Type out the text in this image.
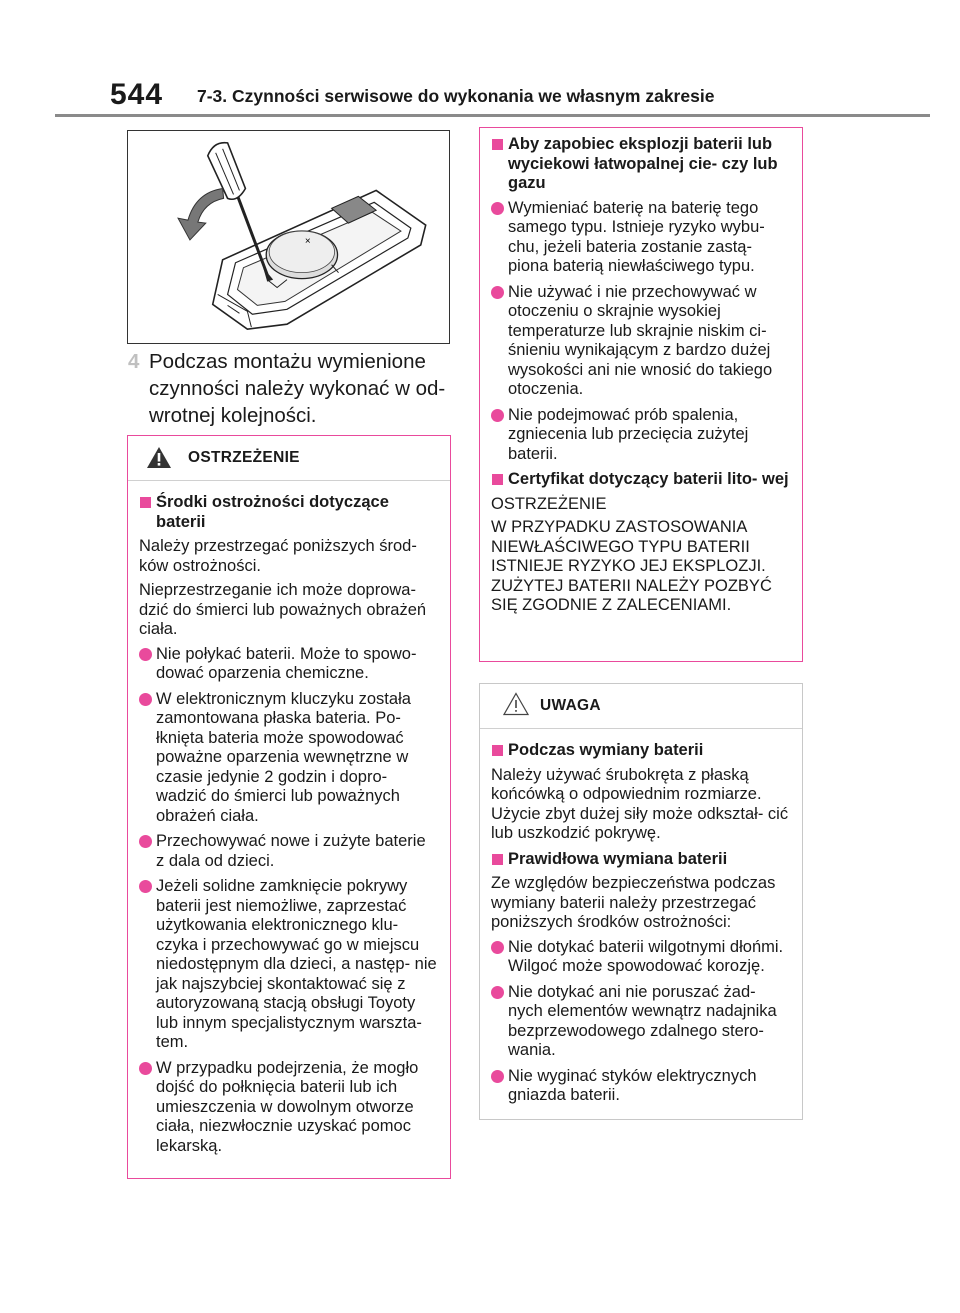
544 7-3. Czynności serwisowe do wykonania we własnym zakresie
×
4 Podczas montażu wymienione czynności należy wykonać w od- wrotnej kolejności.
OSTRZEŻENIE
Środki ostrożności dotyczące baterii

Należy przestrzegać poniższych środ- ków ostrożności.

Nieprzestrzeganie ich może doprowa- dzić do śmierci lub poważnych obrażeń ciała.

Nie połykać baterii. Może to spowo- dować oparzenia chemiczne.
W elektronicznym kluczyku została zamontowana płaska bateria. Po- łknięta bateria może spowodować poważne oparzenia wewnętrzne w czasie jedynie 2 godzin i dopro- wadzić do śmierci lub poważnych obrażeń ciała.
Przechowywać nowe i zużyte baterie z dala od dzieci.
Jeżeli solidne zamknięcie pokrywy baterii jest niemożliwe, zaprzestać użytkowania elektronicznego klu- czyka i przechowywać go w miejscu niedostępnym dla dzieci, a następ- nie jak najszybciej skontaktować się z autoryzowaną stacją obsługi Toyoty lub innym specjalistycznym warszta- tem.
W przypadku podejrzenia, że mogło dojść do połknięcia baterii lub ich umieszczenia w dowolnym otworze ciała, niezwłocznie uzyskać pomoc lekarską.
Aby zapobiec eksplozji baterii lub wyciekowi łatwopalnej cie- czy lub gazu
Wymieniać baterię na baterię tego samego typu. Istnieje ryzyko wybu- chu, jeżeli bateria zostanie zastą- piona baterią niewłaściwego typu.
Nie używać i nie przechowywać w otoczeniu o skrajnie wysokiej temperaturze lub skrajnie niskim ci- śnieniu wynikającym z bardzo dużej wysokości ani nie wnosić do takiego otoczenia.
Nie podejmować prób spalenia, zgniecenia lub przecięcia zużytej baterii.
Certyfikat dotyczący baterii lito- wej

OSTRZEŻENIE

W PRZYPADKU ZASTOSOWANIA

NIEWŁAŚCIWEGO TYPU BATERII

ISTNIEJE RYZYKO JEJ EKSPLOZJI.

ZUŻYTEJ BATERII NALEŻY POZBYĆ

SIĘ ZGODNIE Z ZALECENIAMI.

UWAGA
Podczas wymiany baterii

Należy używać śrubokręta z płaską końcówką o odpowiednim rozmiarze. Użycie zbyt dużej siły może odkształ- cić lub uszkodzić pokrywę.

Prawidłowa wymiana baterii

Ze względów bezpieczeństwa podczas wymiany baterii należy przestrzegać poniższych środków ostrożności:

Nie dotykać baterii wilgotnymi dłońmi. Wilgoć może spowodować korozję.
Nie dotykać ani nie poruszać żad- nych elementów wewnątrz nadajnika bezprzewodowego zdalnego stero- wania.
Nie wyginać styków elektrycznych gniazda baterii.
